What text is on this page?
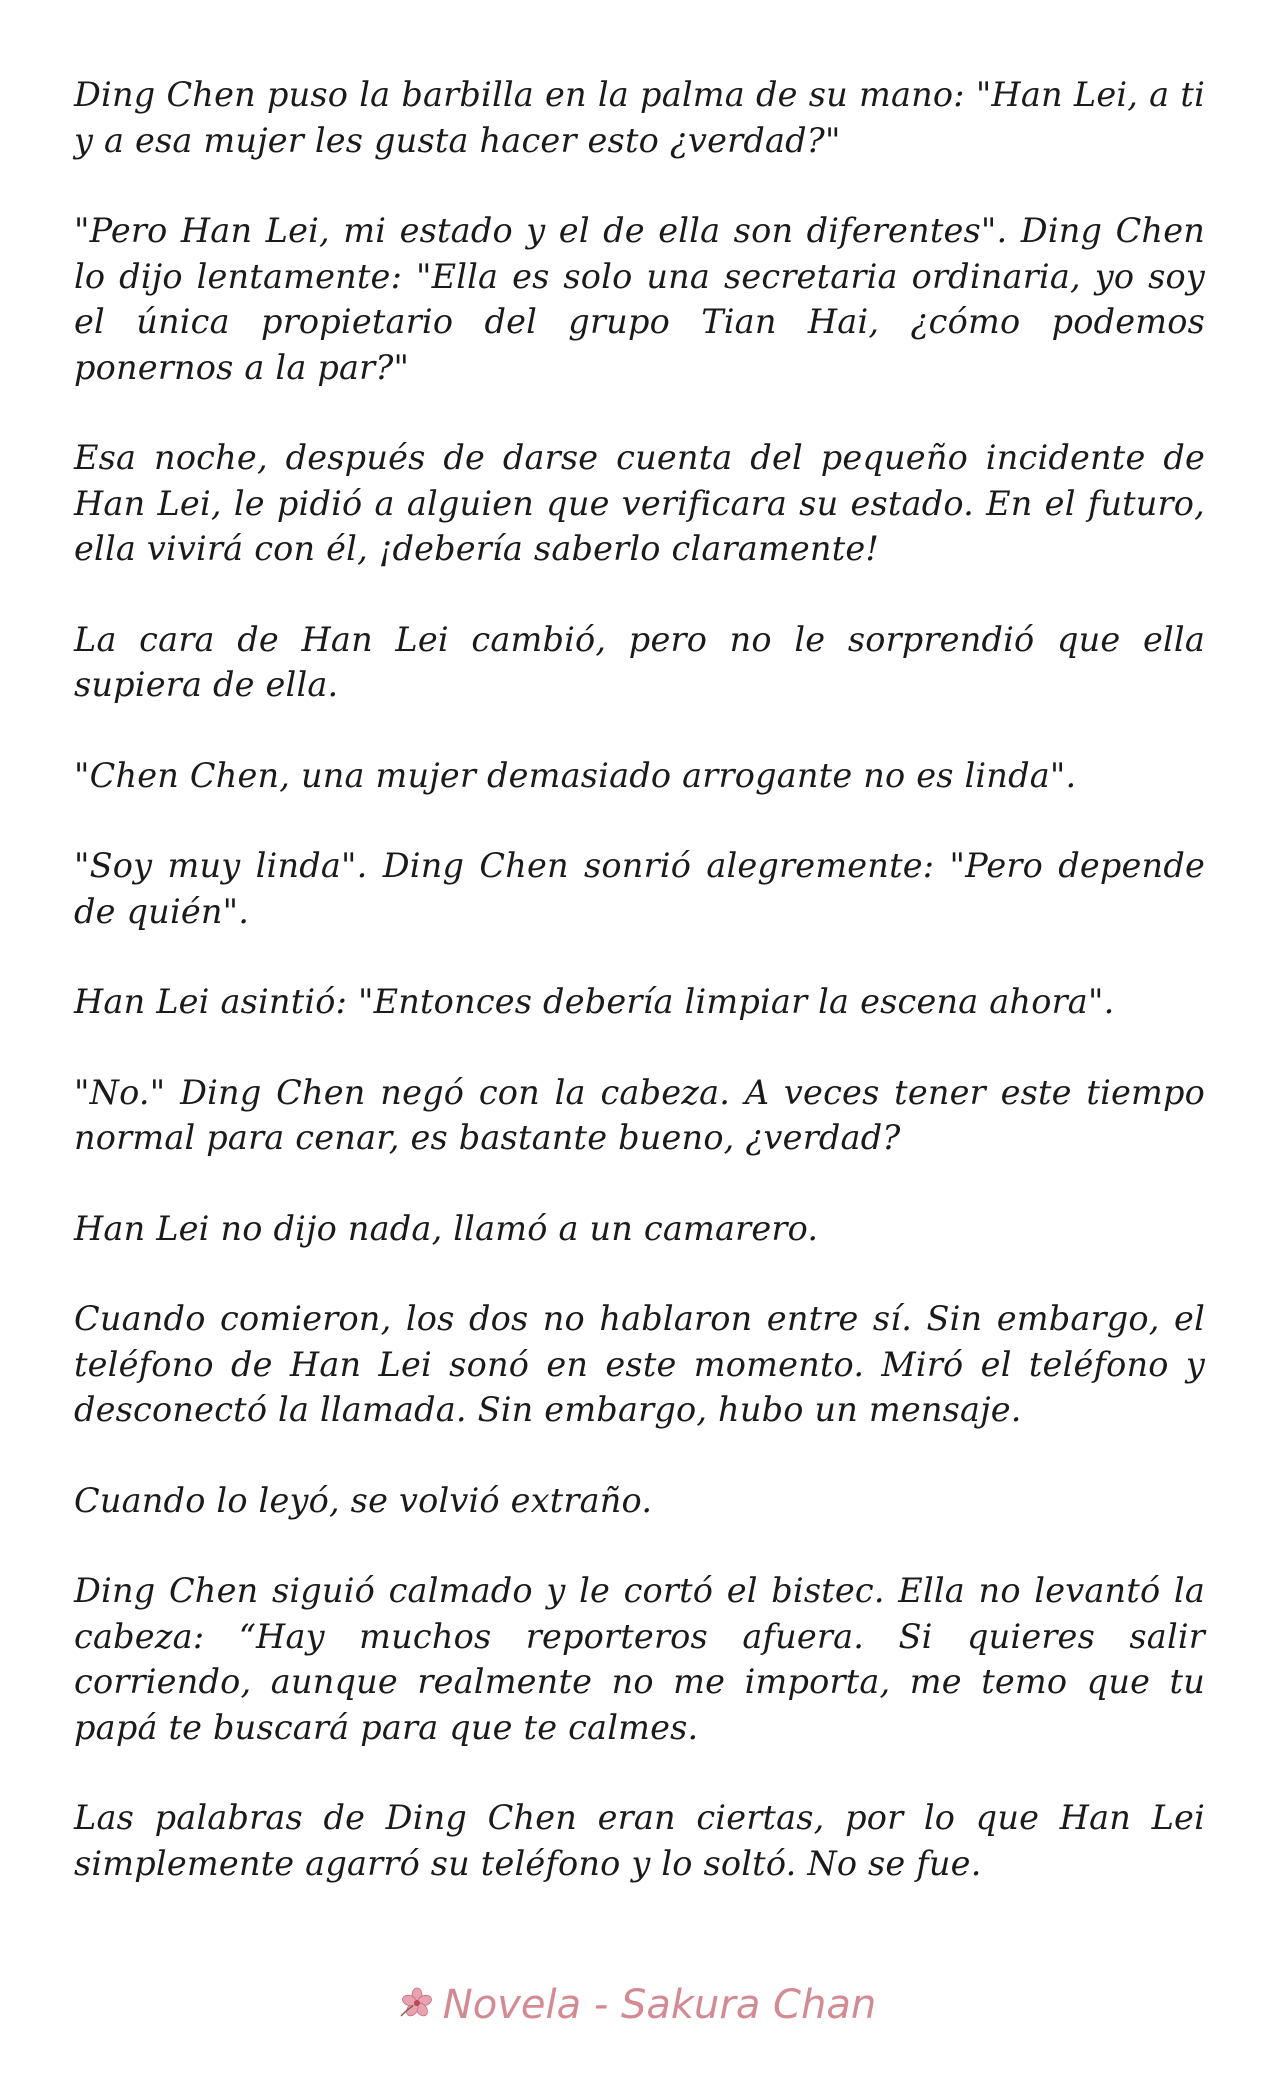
Ding Chen puso la barbilla en la palma de su mano: "Han Lei, a ti y a esa mujer les gusta hacer esto ¿verdad?"

"Pero Han Lei, mi estado y el de ella son diferentes". Ding Chen lo dijo lentamente: "Ella es solo una secretaria ordinaria, yo soy el única propietario del grupo Tian Hai, ¿cómo podemos ponernos a la par?"

Esa noche, después de darse cuenta del pequeño incidente de Han Lei, le pidió a alguien que verificara su estado. En el futuro, ella vivirá con él, ¡debería saberlo claramente!

La cara de Han Lei cambió, pero no le sorprendió que ella supiera de ella.

"Chen Chen, una mujer demasiado arrogante no es linda".

"Soy muy linda". Ding Chen sonrió alegremente: "Pero depende de quién".

Han Lei asintió: "Entonces debería limpiar la escena ahora".

"No." Ding Chen negó con la cabeza. A veces tener este tiempo normal para cenar, es bastante bueno, ¿verdad?

Han Lei no dijo nada, llamó a un camarero.

Cuando comieron, los dos no hablaron entre sí. Sin embargo, el teléfono de Han Lei sonó en este momento. Miró el teléfono y desconectó la llamada. Sin embargo, hubo un mensaje.

Cuando lo leyó, se volvió extraño.

Ding Chen siguió calmado y le cortó el bistec. Ella no levantó la cabeza: “Hay muchos reporteros afuera. Si quieres salir corriendo, aunque realmente no me importa, me temo que tu papá te buscará para que te calmes.

Las palabras de Ding Chen eran ciertas, por lo que Han Lei simplemente agarró su teléfono y lo soltó. No se fue.

Novela - Sakura Chan
